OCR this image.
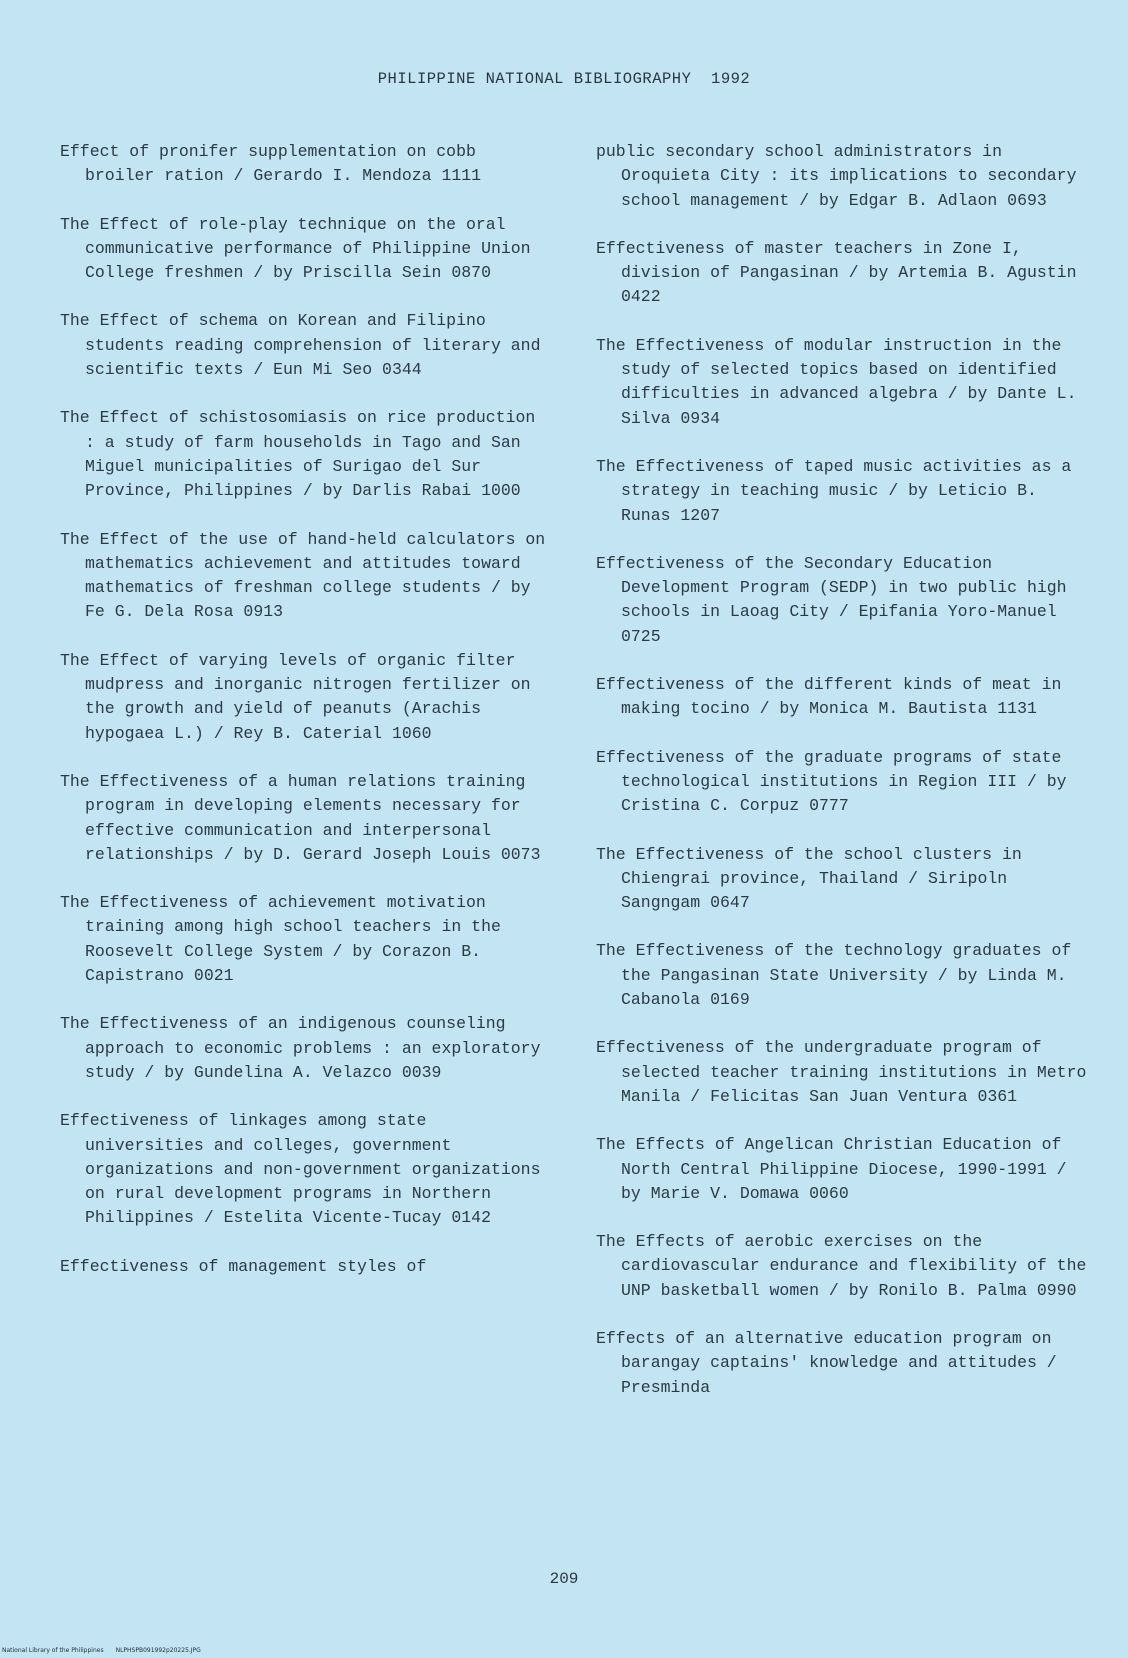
PHILIPPINE NATIONAL BIBLIOGRAPHY 1992

Effect of pronifer supplementation on cobb broiler ration / Gerardo I. Mendoza 1111

The Effect of role-play technique on the oral communicative performance of Philippine Union College freshmen / by Priscilla Sein 0870

The Effect of schema on Korean and Filipino students reading comprehension of literary and scientific texts / Eun Mi Seo 0344

The Effect of schistosomiasis on rice production : a study of farm households in Tago and San Miguel municipalities of Surigao del Sur Province, Philippines / by Darlis Rabai 1000

The Effect of the use of hand-held calculators on mathematics achievement and attitudes toward mathematics of freshman college students / by Fe G. Dela Rosa 0913

The Effect of varying levels of organic filter mudpress and inorganic nitrogen fertilizer on the growth and yield of peanuts (Arachis hypogaea L.) / Rey B. Caterial 1060

The Effectiveness of a human relations training program in developing elements necessary for effective communication and interpersonal relationships / by D. Gerard Joseph Louis 0073

The Effectiveness of achievement motivation training among high school teachers in the Roosevelt College System / by Corazon B. Capistrano 0021

The Effectiveness of an indigenous counseling approach to economic problems : an exploratory study / by Gundelina A. Velazco 0039

Effectiveness of linkages among state universities and colleges, government organizations and non-government organizations on rural development programs in Northern Philippines / Estelita Vicente-Tucay 0142

Effectiveness of management styles of

public secondary school administrators in Oroquieta City : its implications to secondary school management / by Edgar B. Adlaon 0693

Effectiveness of master teachers in Zone I, division of Pangasinan / by Artemia B. Agustin 0422

The Effectiveness of modular instruction in the study of selected topics based on identified difficulties in advanced algebra / by Dante L. Silva 0934

The Effectiveness of taped music activities as a strategy in teaching music / by Leticio B. Runas 1207

Effectiveness of the Secondary Education Development Program (SEDP) in two public high schools in Laoag City / Epifania Yoro-Manuel 0725

Effectiveness of the different kinds of meat in making tocino / by Monica M. Bautista 1131

Effectiveness of the graduate programs of state technological institutions in Region III / by Cristina C. Corpuz 0777

The Effectiveness of the school clusters in Chiengrai province, Thailand / Siripoln Sangngam 0647

The Effectiveness of the technology graduates of the Pangasinan State University / by Linda M. Cabanola 0169

Effectiveness of the undergraduate program of selected teacher training institutions in Metro Manila / Felicitas San Juan Ventura 0361

The Effects of Angelican Christian Education of North Central Philippine Diocese, 1990-1991 / by Marie V. Domawa 0060

The Effects of aerobic exercises on the cardiovascular endurance and flexibility of the UNP basketball women / by Ronilo B. Palma 0990

Effects of an alternative education program on barangay captains' knowledge and attitudes / Presminda

209
National Library of the Philippines NLPHSPB091992p20225.JPG
